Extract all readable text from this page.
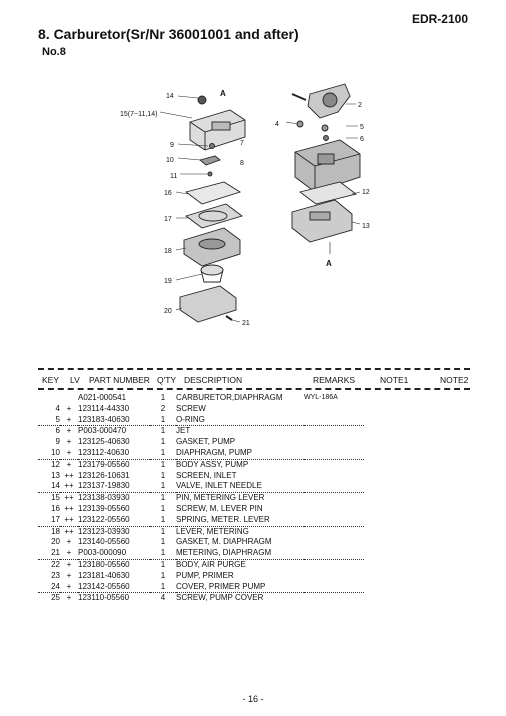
EDR-2100
8. Carburetor(Sr/Nr 36001001 and after)
No.8
14	A
15(7~11,14)
9	7
10	8
11
2
4	5
6
16
17
12
13
18
A
19
20
21
KEY LV PART NUMBER Q'TY DESCRIPTION	REMARKS	NOTE1	NOTE2
		A021-000541	1	CARBURETOR,DIAPHRAGM	WYL-186A
4	+	123114-44330	2	SCREW	
5	+	123183-40630	1	O-RING	
6	+	P003-000470	1	JET	
9	+	123125-40630	1	GASKET, PUMP	
10	+	123112-40630	1	DIAPHRAGM, PUMP	
12	+	123179-05560	1	BODY ASSY, PUMP	
13	++	123126-10631	1	SCREEN, INLET	
14	++	123137-19830	1	VALVE, INLET NEEDLE	
15	++	123138-03930	1	PIN, METERING LEVER	
16	++	123139-05560	1	SCREW, M. LEVER PIN	
17	++	123122-05560	1	SPRING, METER. LEVER	
18	++	123123-03930	1	LEVER, METERING	
20	+	123140-05560	1	GASKET, M. DIAPHRAGM	
21	+	P003-000090	1	METERING, DIAPHRAGM	
22	+	123180-05560	1	BODY, AIR PURGE	
23	+	123181-40630	1	PUMP, PRIMER	
24	+	123142-05560	1	COVER, PRIMER PUMP	
25	+	123110-05560	4	SCREW, PUMP COVER	
- 16 -
